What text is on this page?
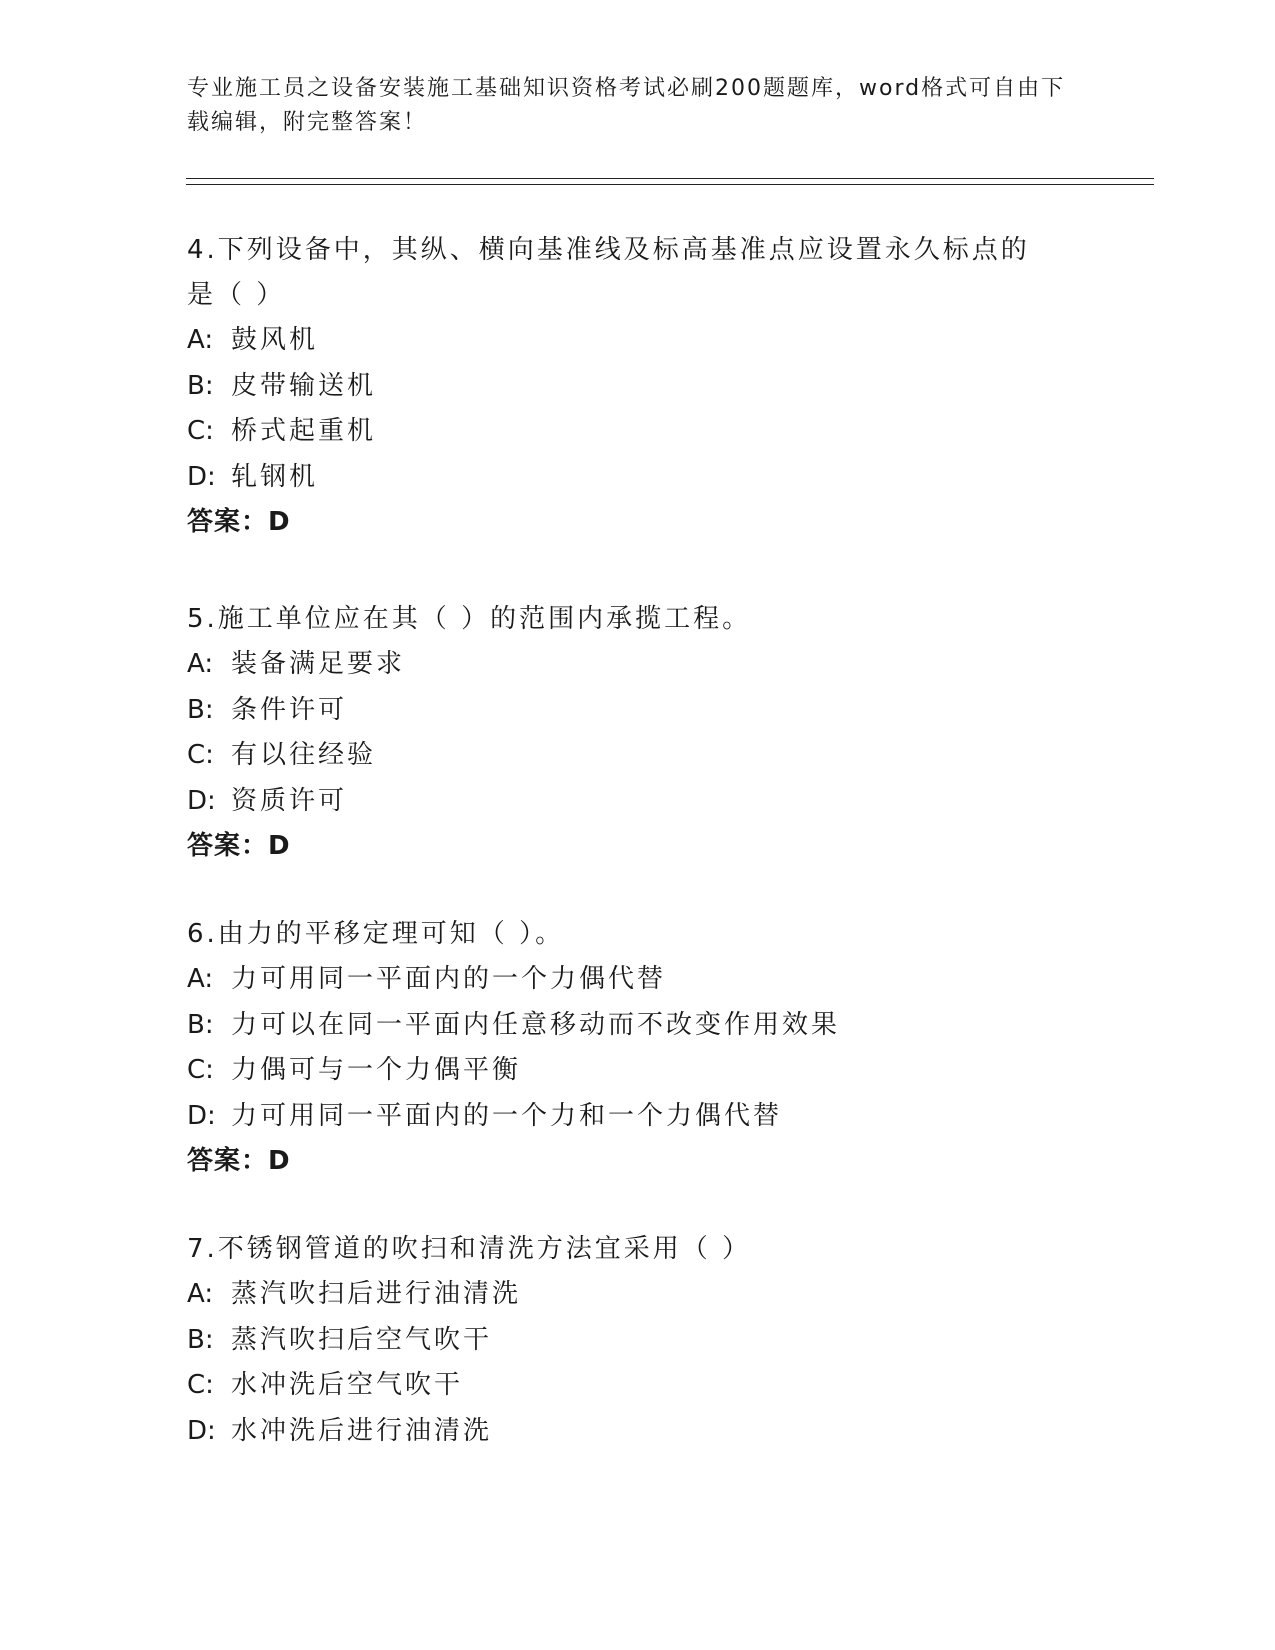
专业施工员之设备安装施工基础知识资格考试必刷200题题库，word格式可自由下载编辑，附完整答案！
4.下列设备中，其纵、横向基准线及标高基准点应设置永久标点的是（ ）
A: 鼓风机
B: 皮带输送机
C: 桥式起重机
D: 轧钢机
答案：D
5.施工单位应在其（ ）的范围内承揽工程。
A: 装备满足要求
B: 条件许可
C: 有以往经验
D: 资质许可
答案：D
6.由力的平移定理可知（ ）。
A: 力可用同一平面内的一个力偶代替
B: 力可以在同一平面内任意移动而不改变作用效果
C: 力偶可与一个力偶平衡
D: 力可用同一平面内的一个力和一个力偶代替
答案：D
7.不锈钢管道的吹扫和清洗方法宜采用（ ）
A: 蒸汽吹扫后进行油清洗
B: 蒸汽吹扫后空气吹干
C: 水冲洗后空气吹干
D: 水冲洗后进行油清洗
